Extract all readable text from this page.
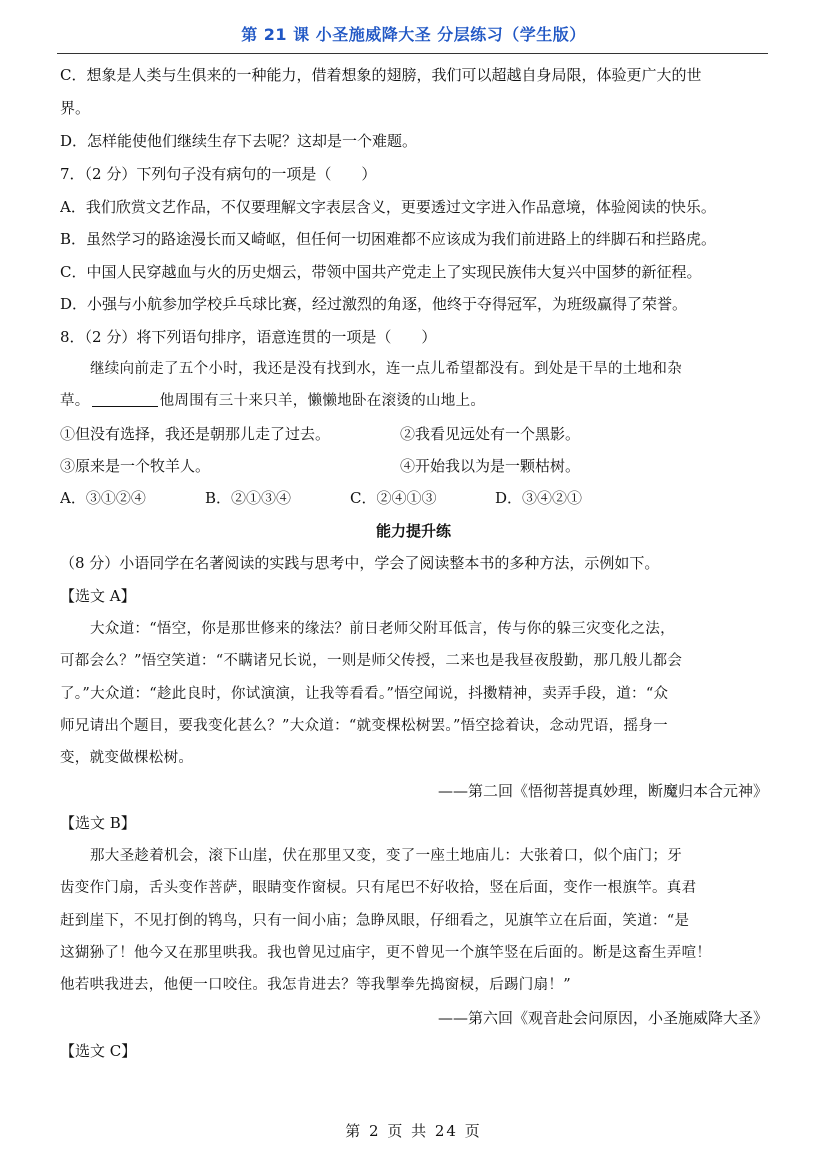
第 21 课 小圣施威降大圣 分层练习（学生版）
C．想象是人类与生俱来的一种能力，借着想象的翅膀，我们可以超越自身局限，体验更广大的世
界。
D．怎样能使他们继续生存下去呢？这却是一个难题。
7．（2 分）下列句子没有病句的一项是（　　）
A．我们欣赏文艺作品，不仅要理解文字表层含义，更要透过文字进入作品意境，体验阅读的快乐。
B．虽然学习的路途漫长而又崎岖，但任何一切困难都不应该成为我们前进路上的绊脚石和拦路虎。
C．中国人民穿越血与火的历史烟云，带领中国共产党走上了实现民族伟大复兴中国梦的新征程。
D．小强与小航参加学校乒乓球比赛，经过激烈的角逐，他终于夺得冠军，为班级赢得了荣誉。
8．（2 分）将下列语句排序，语意连贯的一项是（　　）
继续向前走了五个小时，我还是没有找到水，连一点儿希望都没有。到处是干旱的土地和杂
草。	他周围有三十来只羊，懒懒地卧在滚烫的山地上。
①但没有选择，我还是朝那儿走了过去。	②我看见远处有一个黑影。
③原来是一个牧羊人。	④开始我以为是一颗枯树。
A．③①②④	B．②①③④	C．②④①③	D．③④②①
能力提升练
（8 分）小语同学在名著阅读的实践与思考中，学会了阅读整本书的多种方法，示例如下。
【选文 A】
大众道：“悟空，你是那世修来的缘法？前日老师父附耳低言，传与你的躲三灾变化之法，
可都会么？”悟空笑道：“不瞒诸兄长说，一则是师父传授，二来也是我昼夜殷勤，那几般儿都会
了。”大众道：“趁此良时，你试演演，让我等看看。”悟空闻说，抖擞精神，卖弄手段，道：“众
师兄请出个题目，要我变化甚么？”大众道：“就变棵松树罢。”悟空捻着诀，念动咒语，摇身一
变，就变做棵松树。
——第二回《悟彻菩提真妙理，断魔归本合元神》
【选文 B】
那大圣趁着机会，滚下山崖，伏在那里又变，变了一座土地庙儿：大张着口，似个庙门；牙
齿变作门扇，舌头变作菩萨，眼睛变作窗棂。只有尾巴不好收拾，竖在后面，变作一根旗竿。真君
赶到崖下，不见打倒的鸨鸟，只有一间小庙；急睁凤眼，仔细看之，见旗竿立在后面，笑道：“是
这猢狲了！他今又在那里哄我。我也曾见过庙宇，更不曾见一个旗竿竖在后面的。断是这畜生弄喧！
他若哄我进去，他便一口咬住。我怎肯进去？等我掣拳先捣窗棂，后踢门扇！”
——第六回《观音赴会问原因，小圣施威降大圣》
【选文 C】
第 2 页 共 24 页
